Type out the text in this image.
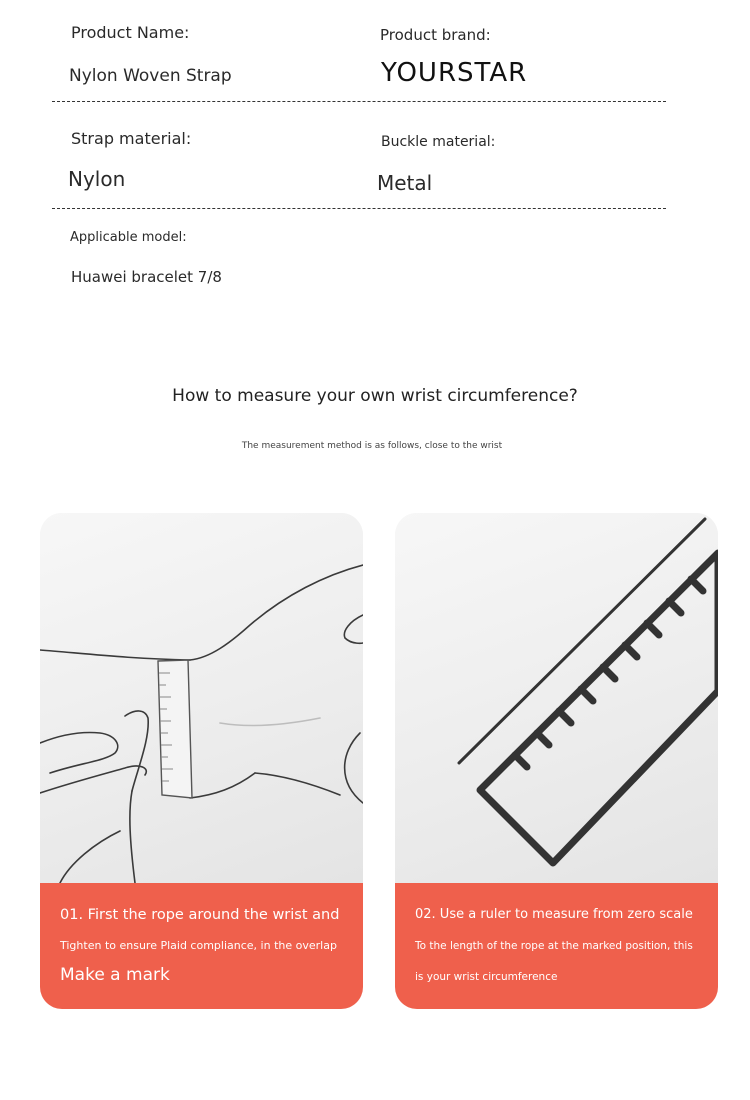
Product Name:
Nylon Woven Strap
Product brand:
YOURSTAR
Strap material:
Nylon
Buckle material:
Metal
Applicable model:
Huawei bracelet 7/8
How to measure your own wrist circumference?
The measurement method is as follows, close to the wrist
01. First the rope around the wrist and
Tighten to ensure Plaid compliance, in the overlap
Make a mark
02. Use a ruler to measure from zero scale
To the length of the rope at the marked position, this
is your wrist circumference
